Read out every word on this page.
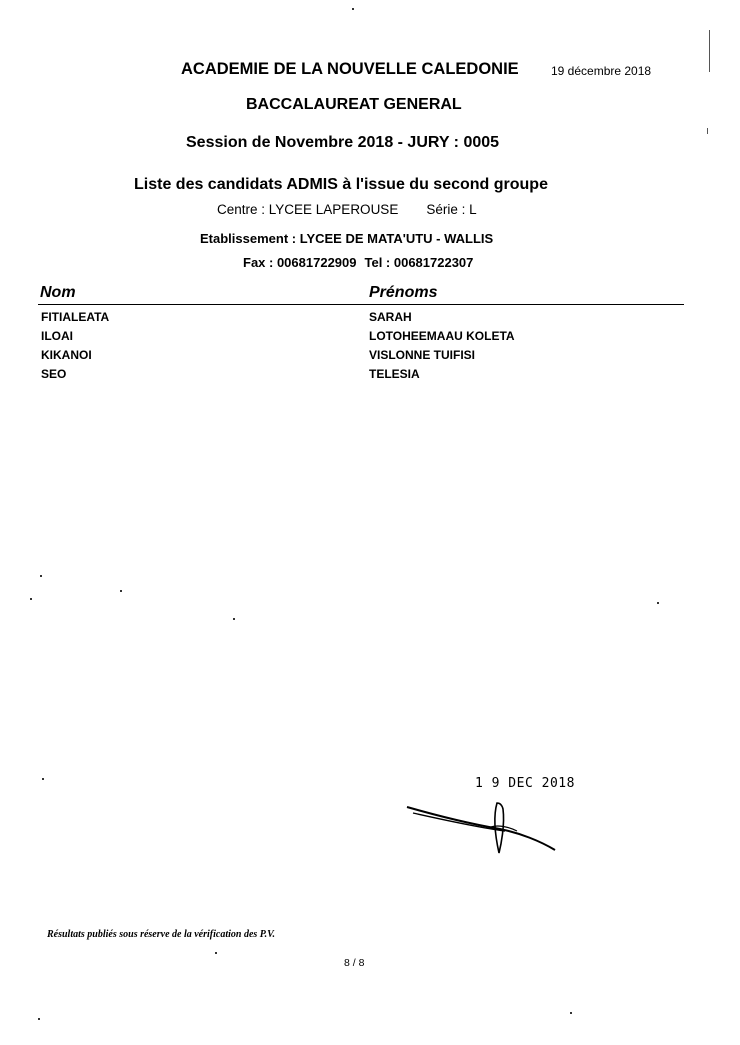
ACADEMIE DE LA NOUVELLE CALEDONIE	19 décembre 2018
BACCALAUREAT GENERAL
Session de Novembre 2018 - JURY : 0005
Liste des candidats ADMIS à l'issue du second groupe
Centre : LYCEE LAPEROUSE Série : L
Etablissement : LYCEE DE MATA'UTU - WALLIS
Fax : 00681722909 Tel : 00681722307
Nom	Prénoms
FITIALEATA	SARAH
ILOAI	LOTOHEEMAAU KOLETA
KIKANOI	VISLONNE TUIFISI
SEO	TELESIA
1 9 DEC 2018
Résultats publiés sous réserve de la vérification des P.V.
8 / 8
